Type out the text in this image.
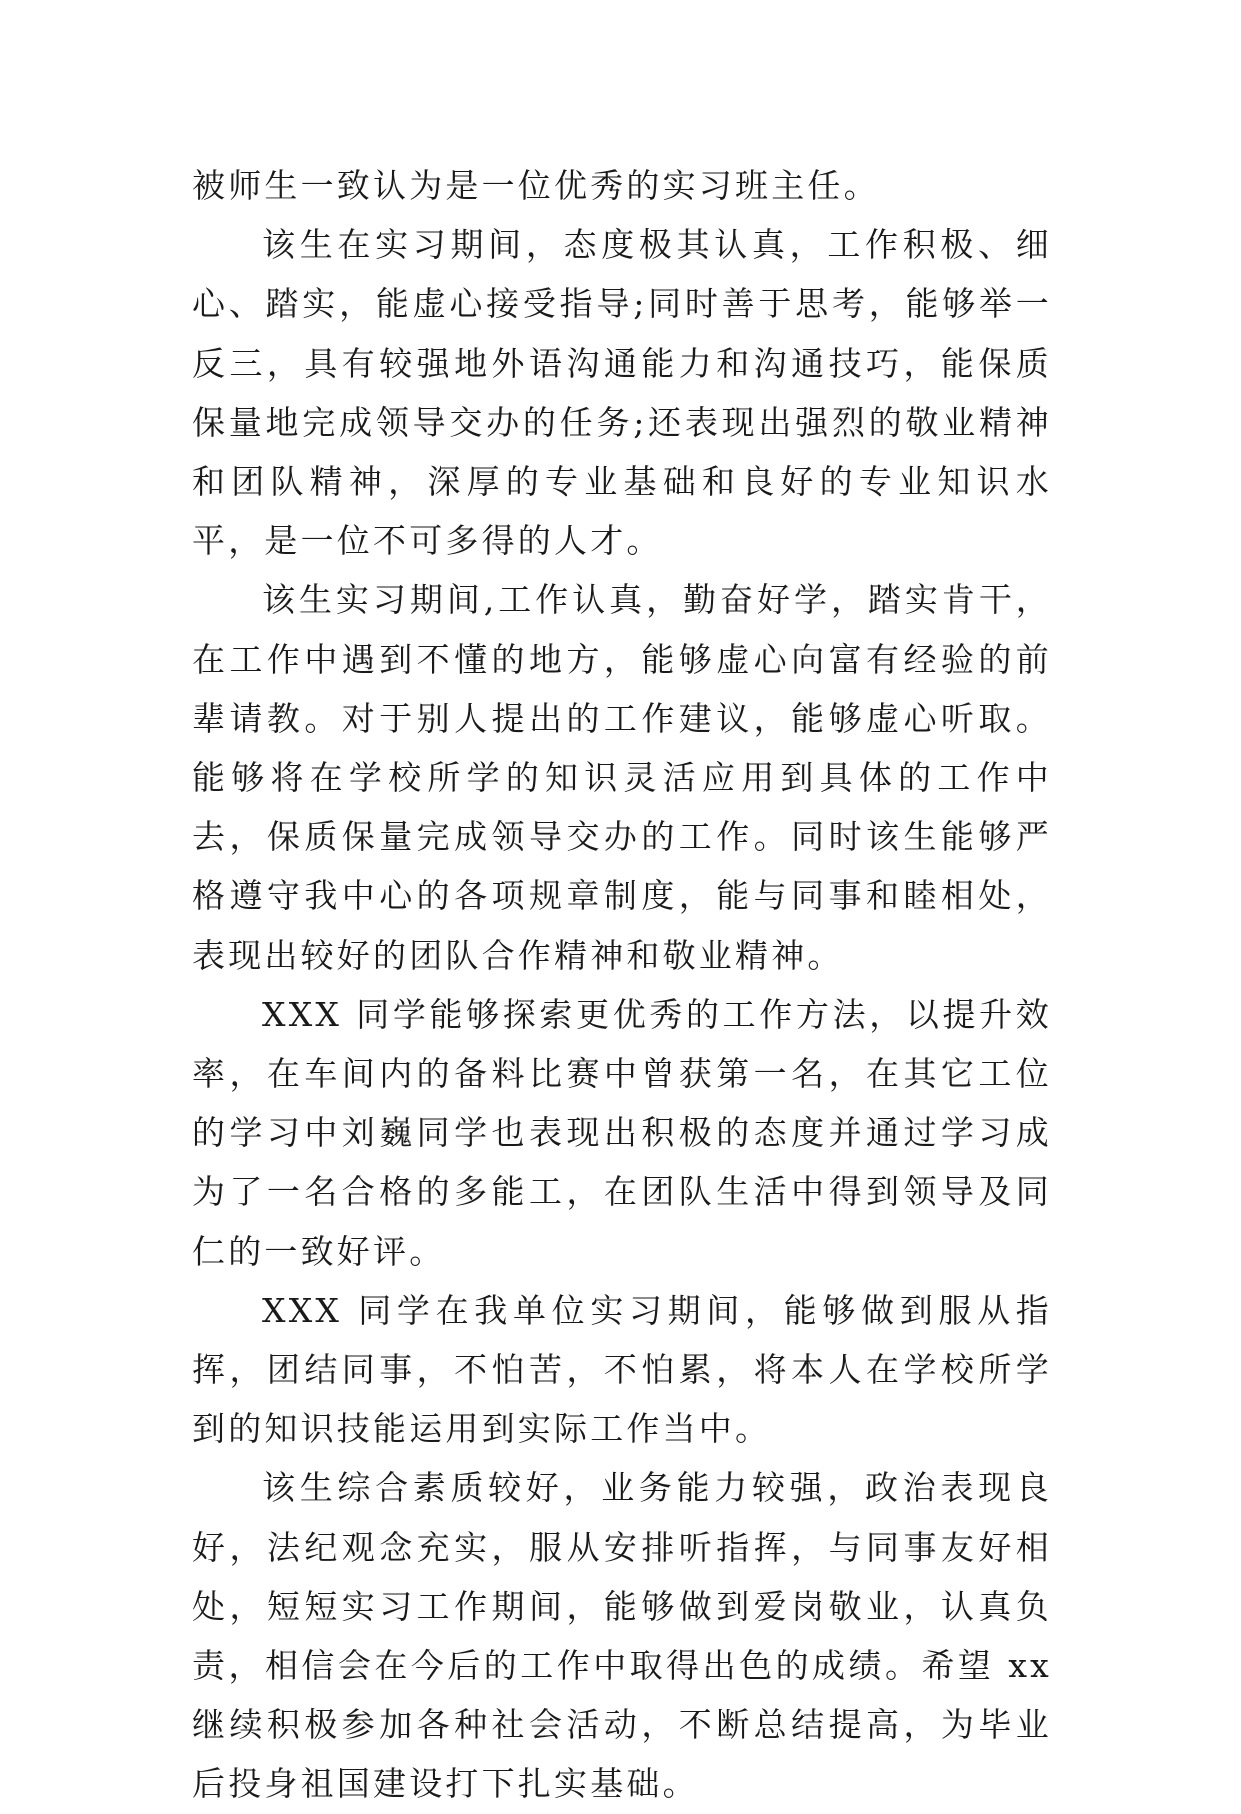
被师生一致认为是一位优秀的实习班主任。

该生在实习期间，态度极其认真，工作积极、细心、踏实，能虚心接受指导;同时善于思考，能够举一反三，具有较强地外语沟通能力和沟通技巧，能保质保量地完成领导交办的任务;还表现出强烈的敬业精神和团队精神，深厚的专业基础和良好的专业知识水平，是一位不可多得的人才。

该生实习期间,工作认真，勤奋好学，踏实肯干，在工作中遇到不懂的地方，能够虚心向富有经验的前辈请教。对于别人提出的工作建议，能够虚心听取。能够将在学校所学的知识灵活应用到具体的工作中去，保质保量完成领导交办的工作。同时该生能够严格遵守我中心的各项规章制度，能与同事和睦相处，表现出较好的团队合作精神和敬业精神。

XXX 同学能够探索更优秀的工作方法，以提升效率，在车间内的备料比赛中曾获第一名，在其它工位的学习中刘巍同学也表现出积极的态度并通过学习成为了一名合格的多能工，在团队生活中得到领导及同仁的一致好评。

XXX 同学在我单位实习期间，能够做到服从指挥，团结同事，不怕苦，不怕累，将本人在学校所学到的知识技能运用到实际工作当中。

该生综合素质较好，业务能力较强，政治表现良好，法纪观念充实，服从安排听指挥，与同事友好相处，短短实习工作期间，能够做到爱岗敬业，认真负责，相信会在今后的工作中取得出色的成绩。希望 xx 继续积极参加各种社会活动，不断总结提高，为毕业后投身祖国建设打下扎实基础。
